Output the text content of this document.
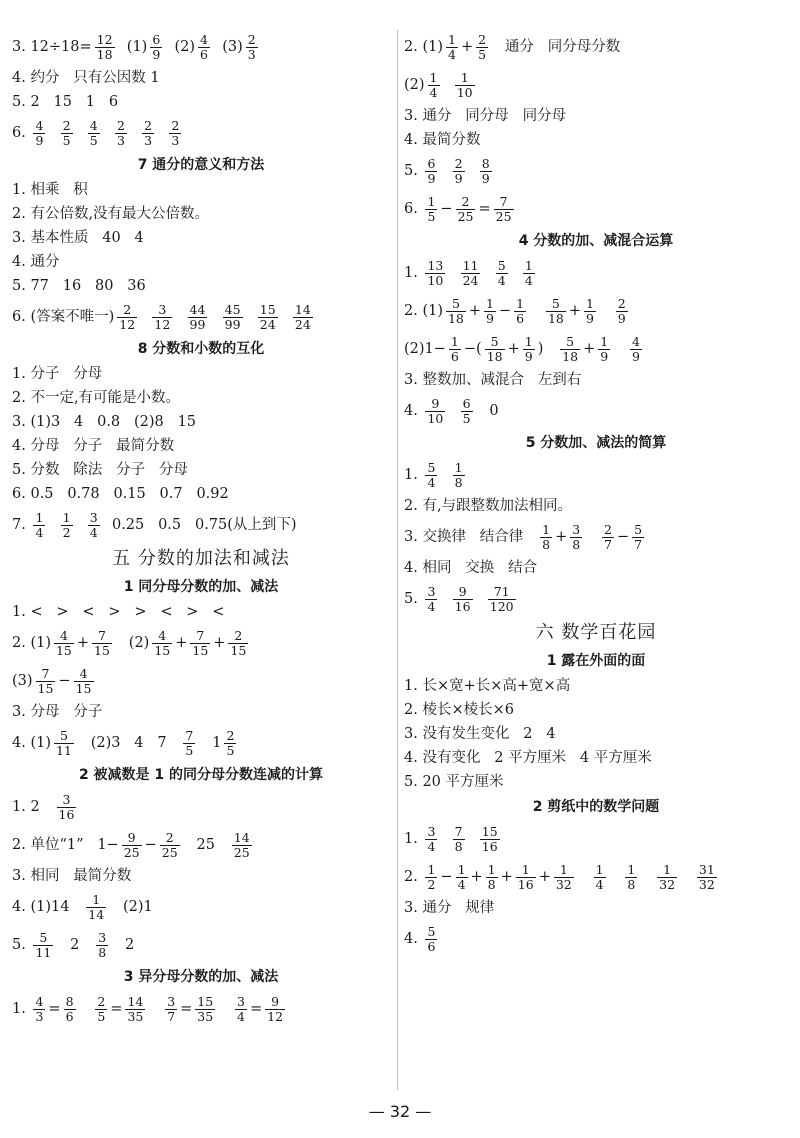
3. $12\div 18= \frac{12}{18} (1) \frac{6}{9} (2) \frac{4}{6} (3) \frac{2}{3}$
4. 约分   只有公因数 1
5. 2   15   1   6
6. $\frac{4}{9}$
$\frac{2}{5}$
$\frac{4}{5}$
$\frac{2}{3}$
$\frac{2}{3}$
$\frac{2}{3}$
7 通分的意义和方法
1. 相乘   积
2. 有公倍数,没有最大公倍数。
3. 基本性质   40   4
4. 通分
5. 77   16   80   36
6. (答案不唯一) $\frac{2}{12}$
$\frac{3}{12}$
$\frac{44}{99}$
$\frac{45}{99}$
$\frac{15}{24}$
$\frac{14}{24}$
8 分数和小数的互化
1. 分子   分母
2. 不一定,有可能是小数。
3. (1)3   4   0.8   (2)8   15
4. 分母   分子   最简分数
5. 分数   除法   分子   分母
6. 0.5   0.78   0.15   0.7   0.92
7. $\frac{1}{4}$
$\frac{1}{2}$
$\frac{3}{4} 0.25$   0.5   0.75(从上到下)
五 分数的加法和减法
1 同分母分数的加、减法
1. <   >   <   >   >   <   >   <
2. $(1) \frac{4}{15} + \frac{7}{15} (2) \frac{4}{15} + \frac{7}{15} + \frac{2}{15}$
$(3) \frac{7}{15} - \frac{4}{15}$
3. 分母   分子
4. $(1) \frac{5}{11} (2)3$   4   $7 \frac{7}{5} 1 \frac{2}{5}$
2 被减数是 1 的同分母分数连减的计算
1. $2 \frac{3}{16}$
2. 单位“1”   $1- \frac{9}{25} - \frac{2}{25} 25 \frac{14}{25}$
3. 相同   最简分数
4. $(1)14 \frac{1}{14} (2)1$
5. $\frac{5}{11} 2 \frac{3}{8} 2$
3 异分母分数的加、减法
1. $\frac{4}{3} = \frac{8}{6}$
$\frac{2}{5} = \frac{14}{35}$
$\frac{3}{7} = \frac{15}{35}$
$\frac{3}{4} = \frac{9}{12}$
2. $(1) \frac{1}{4} + \frac{2}{5}$ 通分   同分母分数
$(2) \frac{1}{4}$
$\frac{1}{10}$
3. 通分   同分母   同分母
4. 最简分数
5. $\frac{6}{9}$
$\frac{2}{9}$
$\frac{8}{9}$
6. $\frac{1}{5} - \frac{2}{25} = \frac{7}{25}$
4 分数的加、减混合运算
1. $\frac{13}{10}$
$\frac{11}{24}$
$\frac{5}{4}$
$\frac{1}{4}$
2. $(1) \frac{5}{18} + \frac{1}{9} - \frac{1}{6}$
$\frac{5}{18} + \frac{1}{9}$
$\frac{2}{9}$
$(2)1- \frac{1}{6}$ −( $\frac{5}{18} + \frac{1}{9}$ ) $\frac{5}{18} + \frac{1}{9}$
$\frac{4}{9}$
3. 整数加、减混合   左到右
4. $\frac{9}{10}$
$\frac{6}{5} 0$
5 分数加、减法的简算
1. $\frac{5}{4}$
$\frac{1}{8}$
2. 有,与跟整数加法相同。
3. 交换律   结合律 $\frac{1}{8} + \frac{3}{8}$
$\frac{2}{7} - \frac{5}{7}$
4. 相同   交换   结合
5. $\frac{3}{4}$
$\frac{9}{16}$
$\frac{71}{120}$
六 数学百花园
1 露在外面的面
1. 长×宽+长×高+宽×高
2. 棱长×棱长×6
3. 没有发生变化   2   4
4. 没有变化   2 平方厘米   4 平方厘米
5. 20 平方厘米
2 剪纸中的数学问题
1. $\frac{3}{4}$
$\frac{7}{8}$
$\frac{15}{16}$
2. $\frac{1}{2} - \frac{1}{4} + \frac{1}{8} + \frac{1}{16} + \frac{1}{32}$
$\frac{1}{4}$
$\frac{1}{8}$
$\frac{1}{32}$
$\frac{31}{32}$
3. 通分   规律
4. $\frac{5}{6}$
— 32 —
